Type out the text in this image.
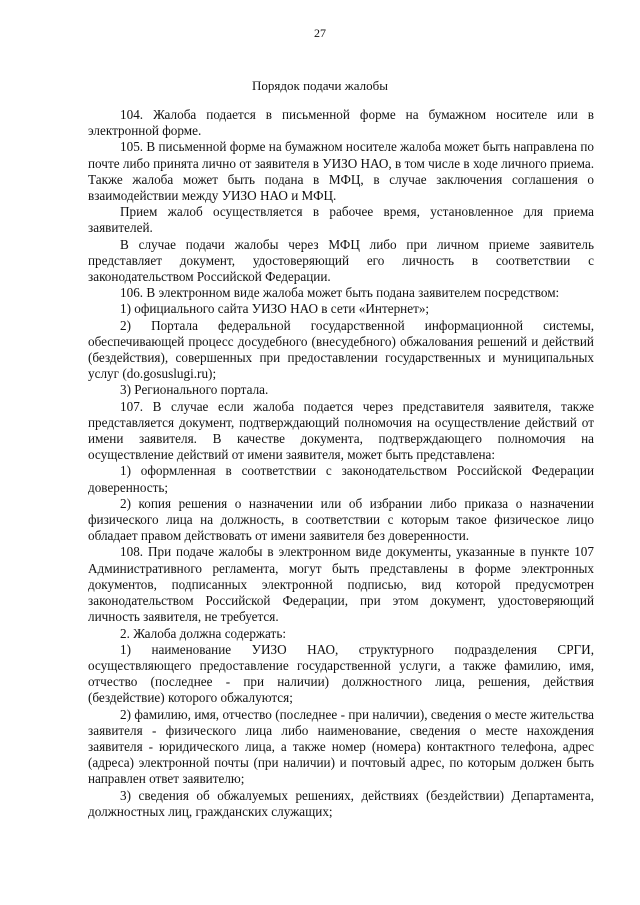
27
Порядок подачи жалобы

104. Жалоба подается в письменной форме на бумажном носителе или в электронной форме.

105. В письменной форме на бумажном носителе жалоба может быть направлена по почте либо принята лично от заявителя в УИЗО НАО, в том числе в ходе личного приема. Также жалоба может быть подана в МФЦ, в случае заключения соглашения о взаимодействии между УИЗО НАО и МФЦ.

Прием жалоб осуществляется в рабочее время, установленное для приема заявителей.

В случае подачи жалобы через МФЦ либо при личном приеме заявитель представляет документ, удостоверяющий его личность в соответствии с законодательством Российской Федерации.

106. В электронном виде жалоба может быть подана заявителем посредством:

1) официального сайта УИЗО НАО в сети «Интернет»;

2) Портала федеральной государственной информационной системы, обеспечивающей процесс досудебного (внесудебного) обжалования решений и действий (бездействия), совершенных при предоставлении государственных и муниципальных услуг (do.gosuslugi.ru);

3) Регионального портала.

107. В случае если жалоба подается через представителя заявителя, также представляется документ, подтверждающий полномочия на осуществление действий от имени заявителя. В качестве документа, подтверждающего полномочия на осуществление действий от имени заявителя, может быть представлена:

1) оформленная в соответствии с законодательством Российской Федерации доверенность;

2) копия решения о назначении или об избрании либо приказа о назначении физического лица на должность, в соответствии с которым такое физическое лицо обладает правом действовать от имени заявителя без доверенности.

108. При подаче жалобы в электронном виде документы, указанные в пункте 107 Административного регламента, могут быть представлены в форме электронных документов, подписанных электронной подписью, вид которой предусмотрен законодательством Российской Федерации, при этом документ, удостоверяющий личность заявителя, не требуется.

2. Жалоба должна содержать:

1) наименование УИЗО НАО, структурного подразделения СРГИ, осуществляющего предоставление государственной услуги, а также фамилию, имя, отчество (последнее - при наличии) должностного лица, решения, действия (бездействие) которого обжалуются;

2) фамилию, имя, отчество (последнее - при наличии), сведения о месте жительства заявителя - физического лица либо наименование, сведения о месте нахождения заявителя - юридического лица, а также номер (номера) контактного телефона, адрес (адреса) электронной почты (при наличии) и почтовый адрес, по которым должен быть направлен ответ заявителю;

3) сведения об обжалуемых решениях, действиях (бездействии) Департамента, должностных лиц, гражданских служащих;
